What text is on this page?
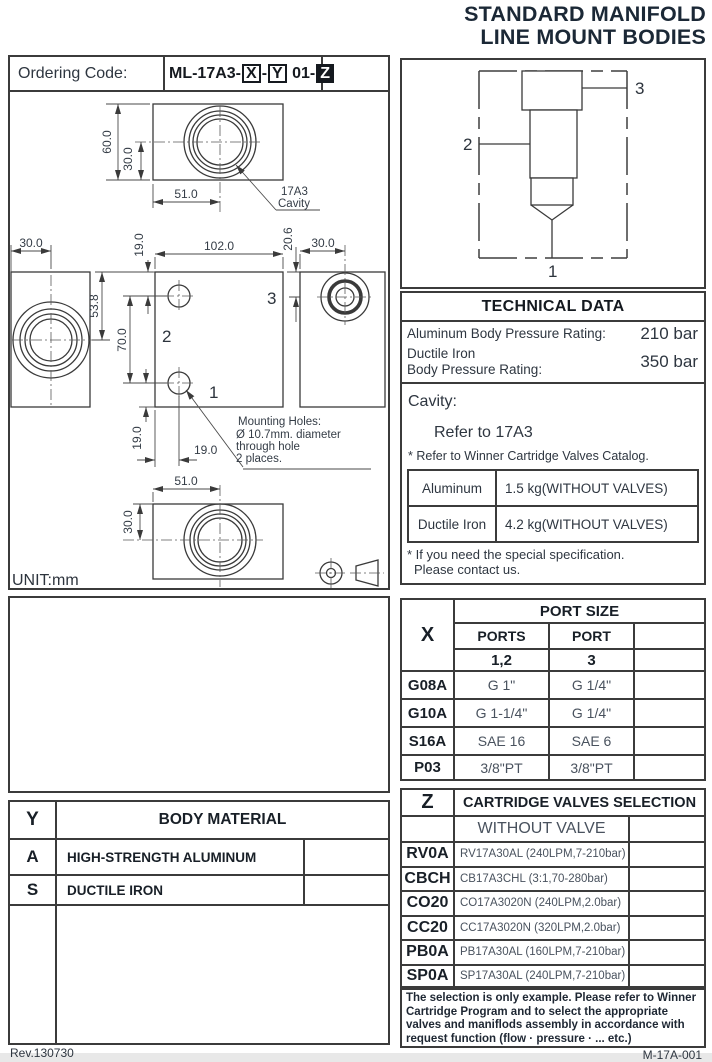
STANDARD MANIFOLD
LINE MOUNT BODIES
Ordering Code:	ML-17A3- X - Y 01- Z
60.0
30.0
51.0	17A3
Cavity
30.0
2
3
1
102.0
19.0
53.8
70.0
19.0
19.0
Mounting Holes:
Ø 10.7mm. diameter
through hole
2 places.
20.6 30.0
51.0
30.0
UNIT:mm
3
2
1
TECHNICAL DATA
Aluminum Body Pressure Rating: 210 bar
Ductile Iron
Body Pressure Rating:	350 bar
Cavity:
Refer to 17A3
* Refer to Winner Cartridge Valves Catalog.
Aluminum	1.5 kg(WITHOUT VALVES)
Ductile Iron	4.2 kg(WITHOUT VALVES)
* If you need the special specification.
Please contact us.
X
PORT SIZE
PORTS	PORT
1,2	3
G08A	G 1"	G 1/4"
G10A	G 1-1/4"	G 1/4"
S16A	SAE 16	SAE 6
P03	3/8"PT	3/8"PT
Z	CARTRIDGE VALVES SELECTION
WITHOUT VALVE
RV0A RV17A30AL (240LPM,7-210bar)
CBCH CB17A3CHL (3:1,70-280bar)
CO20	CO17A3020N (240LPM,2.0bar)
CC20	CC17A3020N (320LPM,2.0bar)
PB0A PB17A30AL (160LPM,7-210bar)
SP0A	SP17A30AL (240LPM,7-210bar)
The selection is only example. Please refer to Winner Cartridge Program and to select the appropriate valves and maniflods assembly in accordance with request function (flow · pressure · ... etc.)
Y	BODY MATERIAL
A	HIGH-STRENGTH ALUMINUM
S	DUCTILE IRON
Rev.130730	M-17A-001
